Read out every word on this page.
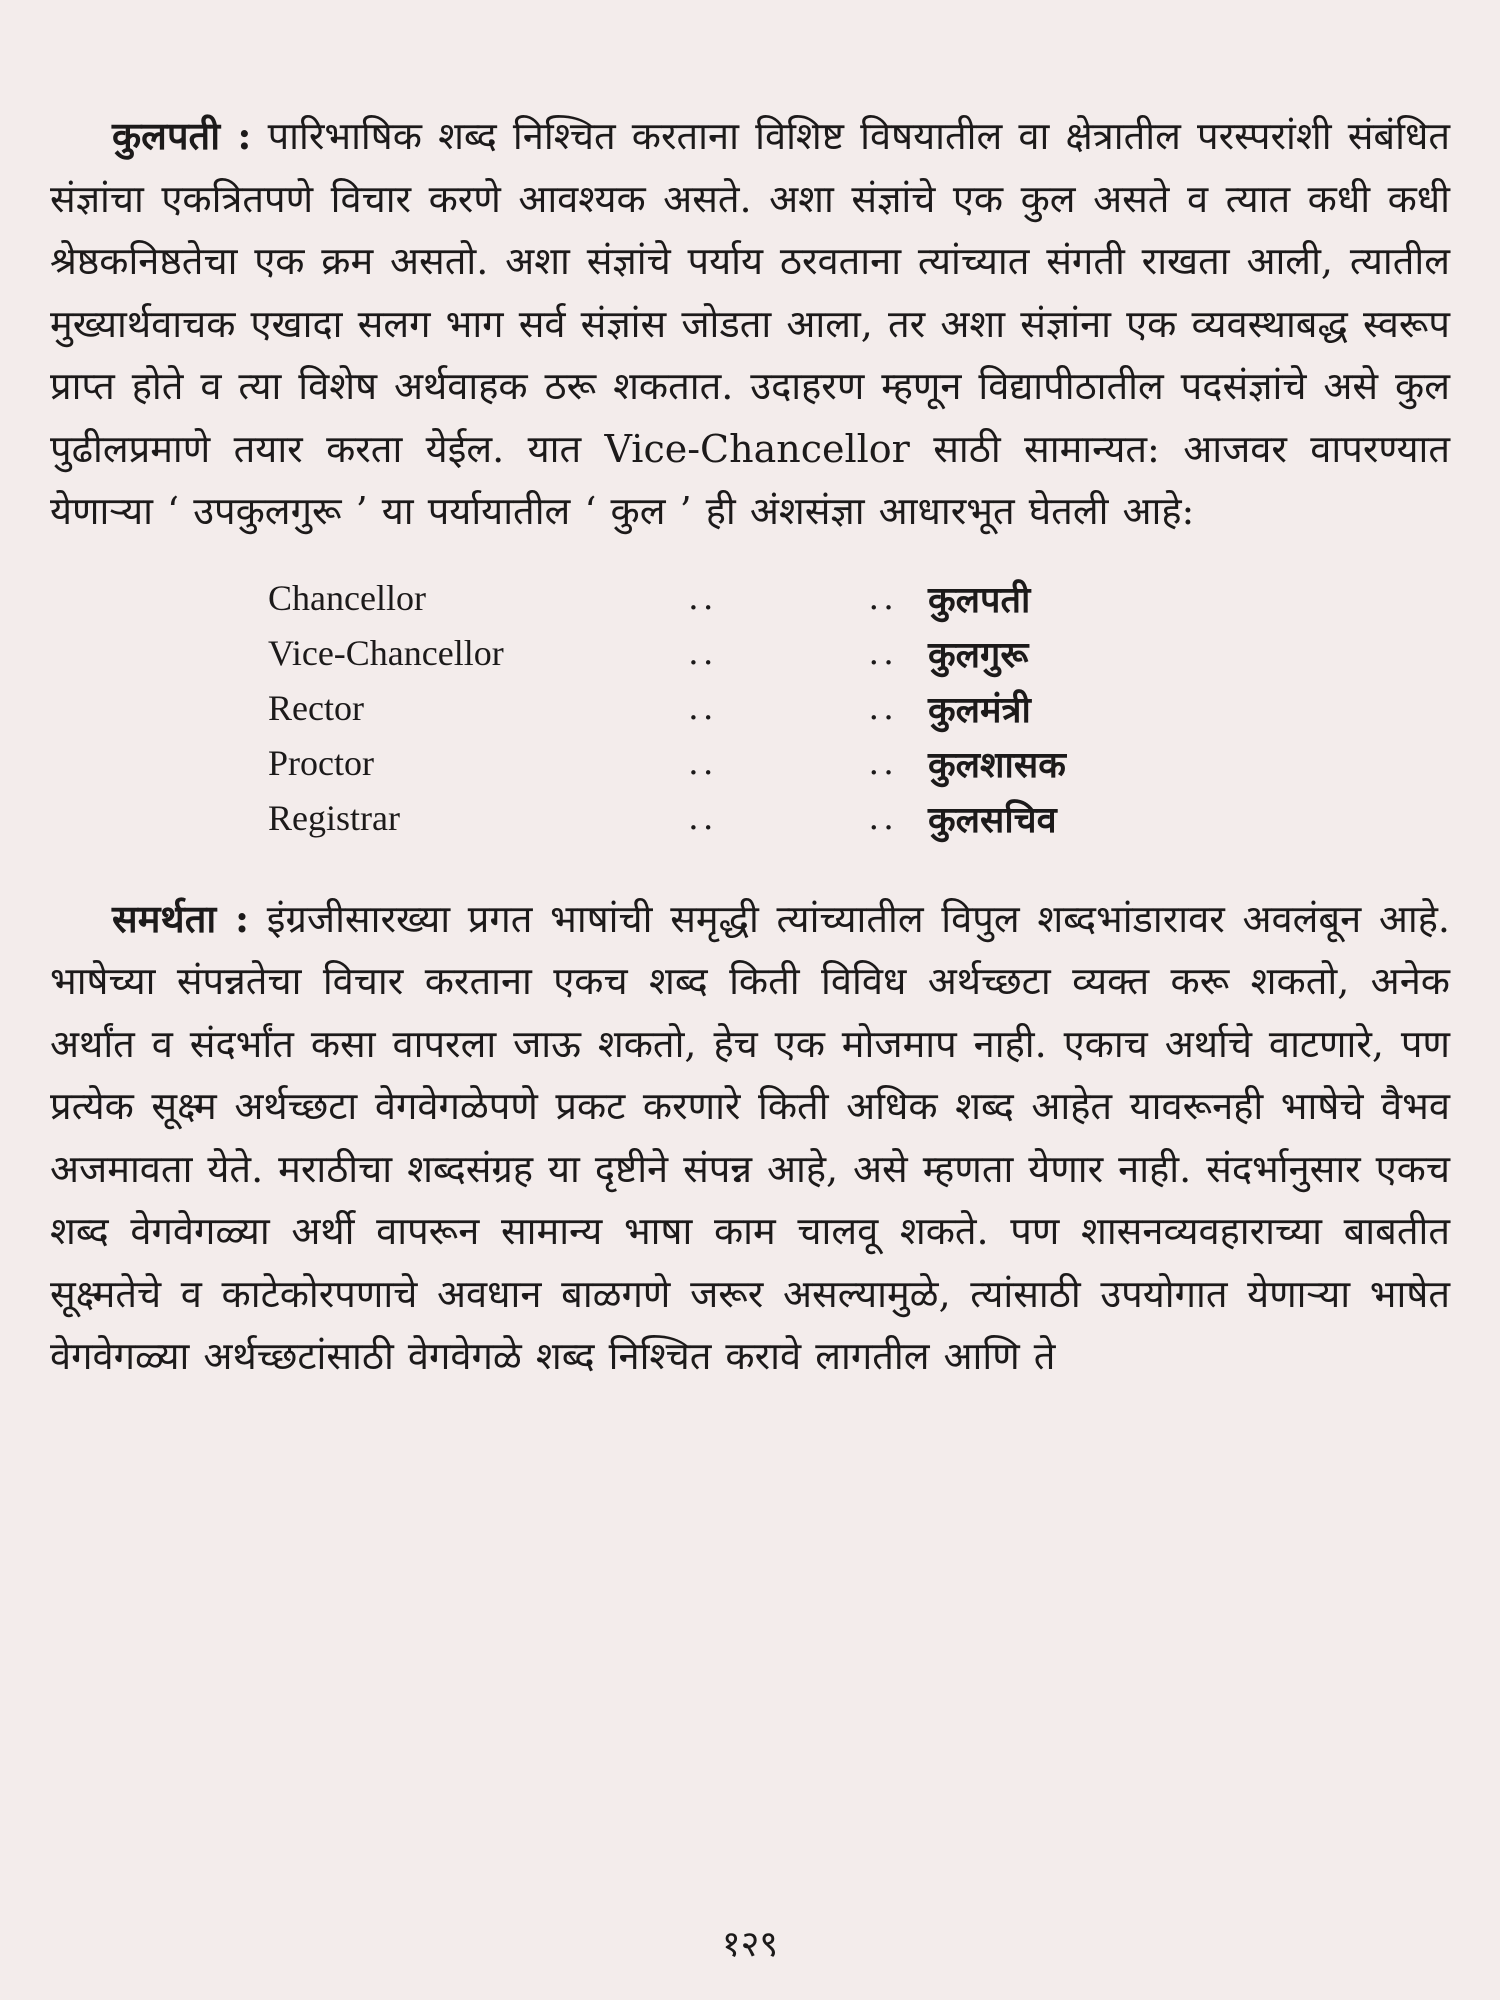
कुलपती : पारिभाषिक शब्द निश्चित करताना विशिष्ट विषयातील वा क्षेत्रातील परस्परांशी संबंधित संज्ञांचा एकत्रितपणे विचार करणे आवश्यक असते. अशा संज्ञांचे एक कुल असते व त्यात कधी कधी श्रेष्ठकनिष्ठतेचा एक क्रम असतो. अशा संज्ञांचे पर्याय ठरवताना त्यांच्यात संगती राखता आली, त्यातील मुख्यार्थवाचक एखादा सलग भाग सर्व संज्ञांस जोडता आला, तर अशा संज्ञांना एक व्यवस्थाबद्ध स्वरूप प्राप्त होते व त्या विशेष अर्थवाहक ठरू शकतात. उदाहरण म्हणून विद्यापीठातील पदसंज्ञांचे असे कुल पुढीलप्रमाणे तयार करता येईल. यात Vice-Chancellor साठी सामान्यत: आजवर वापरण्यात येणाऱ्या ‘ उपकुलगुरू ’ या पर्यायातील ‘ कुल ’ ही अंशसंज्ञा आधारभूत घेतली आहे:

Chancellor	..	.. कुलपती
Vice-Chancellor	..	.. कुलगुरू
Rector	..	.. कुलमंत्री
Proctor	..	.. कुलशासक
Registrar	..	.. कुलसचिव

समर्थता : इंग्रजीसारख्या प्रगत भाषांची समृद्धी त्यांच्यातील विपुल शब्दभांडारावर अवलंबून आहे. भाषेच्या संपन्नतेचा विचार करताना एकच शब्द किती विविध अर्थच्छटा व्यक्त करू शकतो, अनेक अर्थांत व संदर्भांत कसा वापरला जाऊ शकतो, हेच एक मोजमाप नाही. एकाच अर्थाचे वाटणारे, पण प्रत्येक सूक्ष्म अर्थच्छटा वेगवेगळेपणे प्रकट करणारे किती अधिक शब्द आहेत यावरूनही भाषेचे वैभव अजमावता येते. मराठीचा शब्दसंग्रह या दृष्टीने संपन्न आहे, असे म्हणता येणार नाही. संदर्भानुसार एकच शब्द वेगवेगळ्या अर्थी वापरून सामान्य भाषा काम चालवू शकते. पण शासनव्यवहाराच्या बाबतीत सूक्ष्मतेचे व काटेकोरपणाचे अवधान बाळगणे जरूर असल्यामुळे, त्यांसाठी उपयोगात येणाऱ्या भाषेत वेगवेगळ्या अर्थच्छटांसाठी वेगवेगळे शब्द निश्चित करावे लागतील आणि ते

१२९
